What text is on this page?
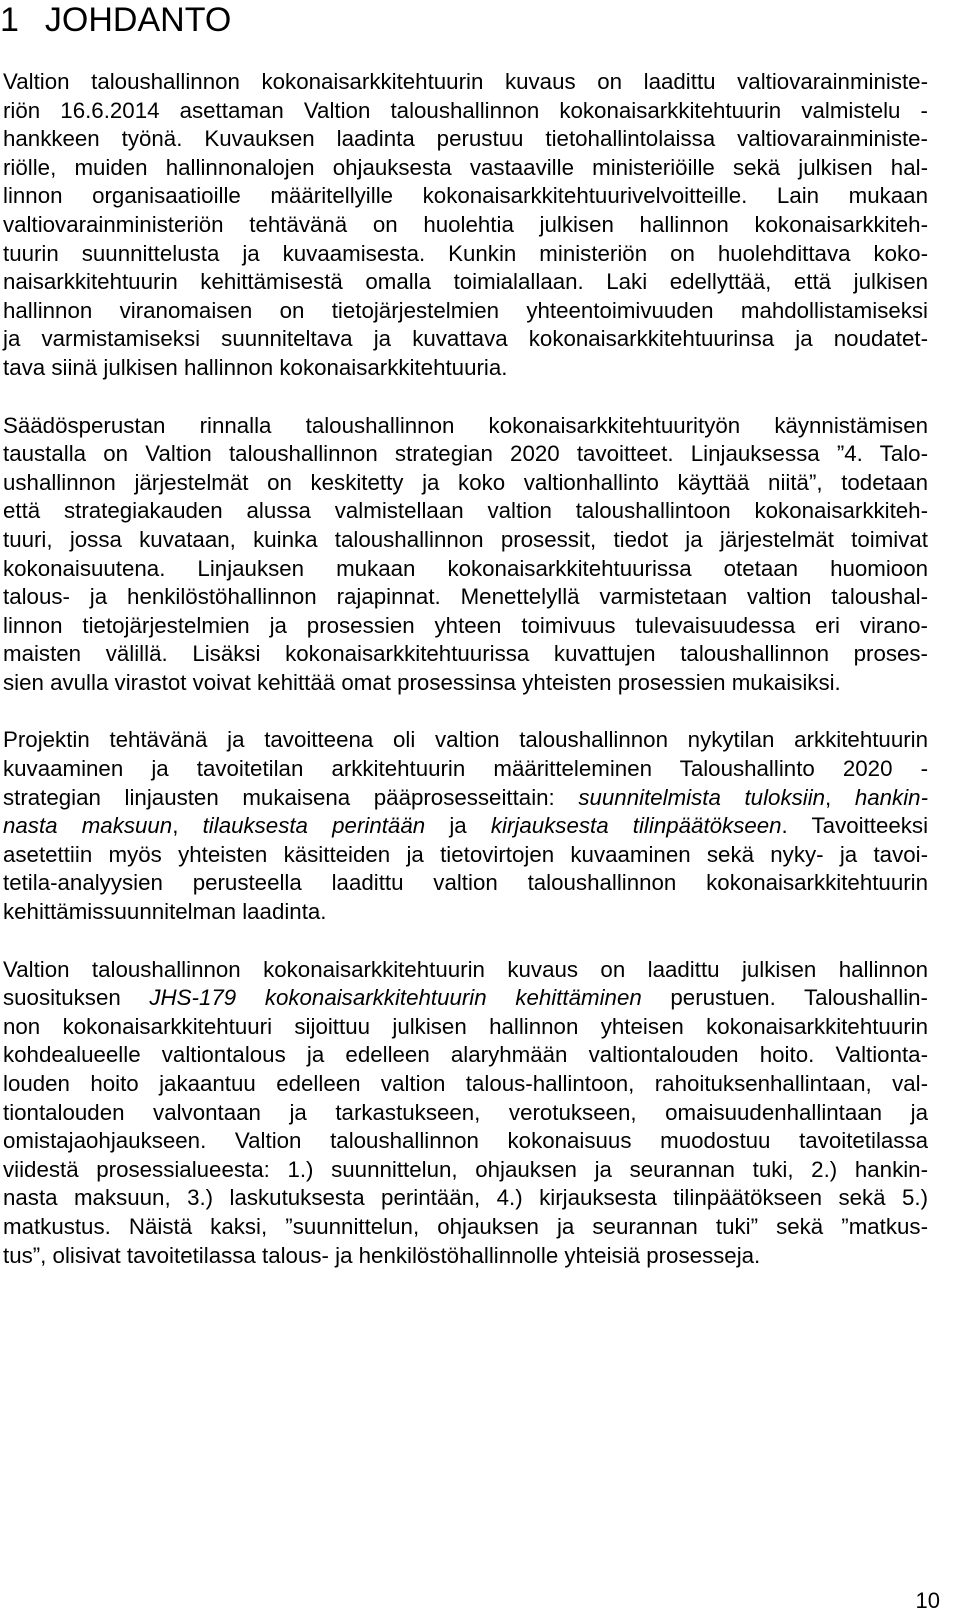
1 JOHDANTO
Valtion taloushallinnon kokonaisarkkitehtuurin kuvaus on laadittu valtiovarainministe-
riön 16.6.2014 asettaman Valtion taloushallinnon kokonaisarkkitehtuurin valmistelu -
hankkeen työnä. Kuvauksen laadinta perustuu tietohallintolaissa valtiovarainministe-
riölle, muiden hallinnonalojen ohjauksesta vastaaville ministeriöille sekä julkisen hal-
linnon organisaatioille määritellyille kokonaisarkkitehtuurivelvoitteille. Lain mukaan
valtiovarainministeriön tehtävänä on huolehtia julkisen hallinnon kokonaisarkkiteh-
tuurin suunnittelusta ja kuvaamisesta. Kunkin ministeriön on huolehdittava koko-
naisarkkitehtuurin kehittämisestä omalla toimialallaan. Laki edellyttää, että julkisen
hallinnon viranomaisen on tietojärjestelmien yhteentoimivuuden mahdollistamiseksi
ja varmistamiseksi suunniteltava ja kuvattava kokonaisarkkitehtuurinsa ja noudatet-
tava siinä julkisen hallinnon kokonaisarkkitehtuuria.
Säädösperustan rinnalla taloushallinnon kokonaisarkkitehtuurityön käynnistämisen
taustalla on Valtion taloushallinnon strategian 2020 tavoitteet. Linjauksessa ”4. Talo-
ushallinnon järjestelmät on keskitetty ja koko valtionhallinto käyttää niitä”, todetaan
että strategiakauden alussa valmistellaan valtion taloushallintoon kokonaisarkkiteh-
tuuri, jossa kuvataan, kuinka taloushallinnon prosessit, tiedot ja järjestelmät toimivat
kokonaisuutena. Linjauksen mukaan kokonaisarkkitehtuurissa otetaan huomioon
talous- ja henkilöstöhallinnon rajapinnat. Menettelyllä varmistetaan valtion taloushal-
linnon tietojärjestelmien ja prosessien yhteen toimivuus tulevaisuudessa eri virano-
maisten välillä. Lisäksi kokonaisarkkitehtuurissa kuvattujen taloushallinnon proses-
sien avulla virastot voivat kehittää omat prosessinsa yhteisten prosessien mukaisiksi.
Projektin tehtävänä ja tavoitteena oli valtion taloushallinnon nykytilan arkkitehtuurin
kuvaaminen ja tavoitetilan arkkitehtuurin määritteleminen Taloushallinto 2020 -
strategian linjausten mukaisena pääprosesseittain: suunnitelmista tuloksiin, hankin-
nasta maksuun, tilauksesta perintään ja kirjauksesta tilinpäätökseen. Tavoitteeksi
asetettiin myös yhteisten käsitteiden ja tietovirtojen kuvaaminen sekä nyky- ja tavoi-
tetila-analyysien perusteella laadittu valtion taloushallinnon kokonaisarkkitehtuurin
kehittämissuunnitelman laadinta.
Valtion taloushallinnon kokonaisarkkitehtuurin kuvaus on laadittu julkisen hallinnon
suosituksen JHS-179 kokonaisarkkitehtuurin kehittäminen perustuen. Taloushallin-
non kokonaisarkkitehtuuri sijoittuu julkisen hallinnon yhteisen kokonaisarkkitehtuurin
kohdealueelle valtiontalous ja edelleen alaryhmään valtiontalouden hoito. Valtionta-
louden hoito jakaantuu edelleen valtion talous-hallintoon, rahoituksenhallintaan, val-
tiontalouden valvontaan ja tarkastukseen, verotukseen, omaisuudenhallintaan ja
omistajaohjaukseen. Valtion taloushallinnon kokonaisuus muodostuu tavoitetilassa
viidestä prosessialueesta: 1.) suunnittelun, ohjauksen ja seurannan tuki, 2.) hankin-
nasta maksuun, 3.) laskutuksesta perintään, 4.) kirjauksesta tilinpäätökseen sekä 5.)
matkustus. Näistä kaksi, ”suunnittelun, ohjauksen ja seurannan tuki” sekä ”matkus-
tus”, olisivat tavoitetilassa talous- ja henkilöstöhallinnolle yhteisiä prosesseja.
10
